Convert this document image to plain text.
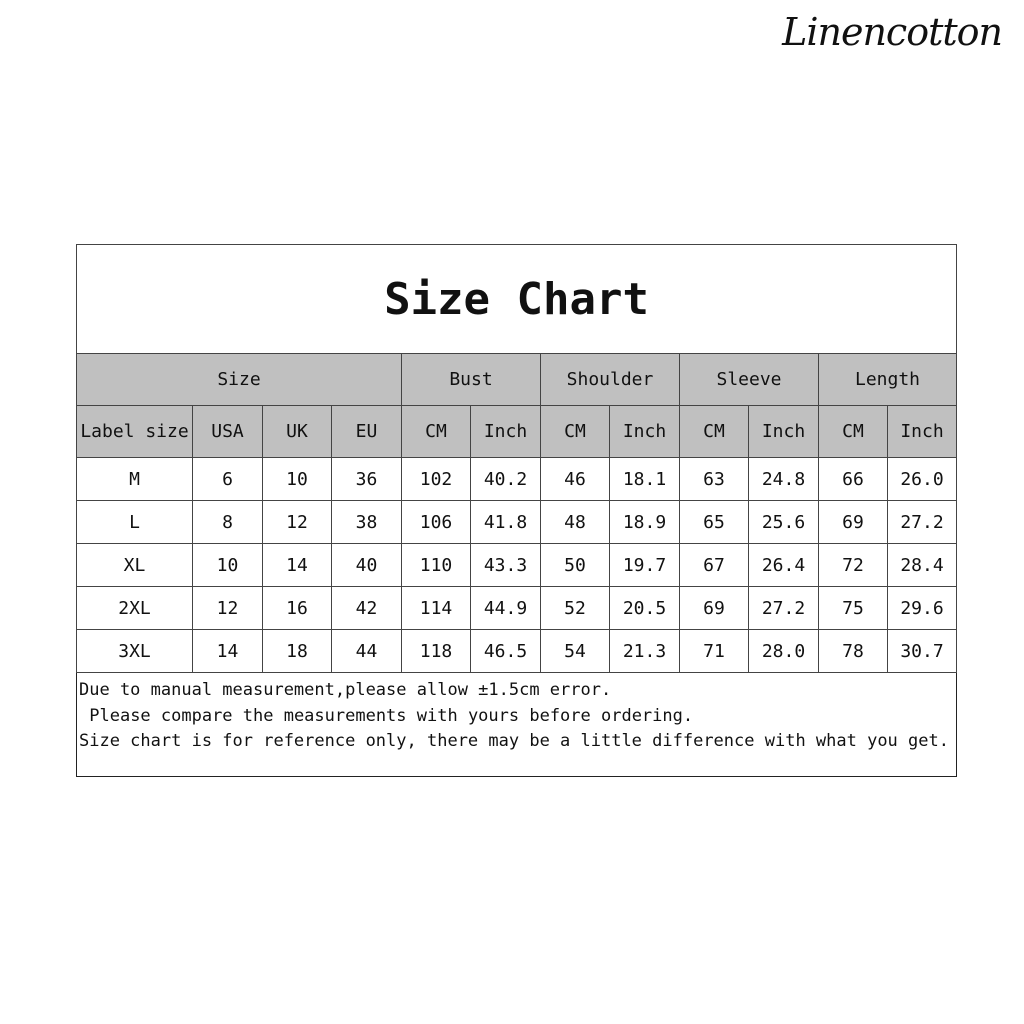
Linencotton
Size Chart											
Size				Bust		Shoulder		Sleeve		Length	
Label size	USA	UK	EU	CM	Inch	CM	Inch	CM	Inch	CM	Inch
M	6	10	36	102	40.2	46	18.1	63	24.8	66	26.0
L	8	12	38	106	41.8	48	18.9	65	25.6	69	27.2
XL	10	14	40	110	43.3	50	19.7	67	26.4	72	28.4
2XL	12	16	42	114	44.9	52	20.5	69	27.2	75	29.6
3XL	14	18	44	118	46.5	54	21.3	71	28.0	78	30.7
Due to manual measurement,please allow ±1.5cm error.
Please compare the measurements with yours before ordering.
Size chart is for reference only, there may be a little difference with what you get.
